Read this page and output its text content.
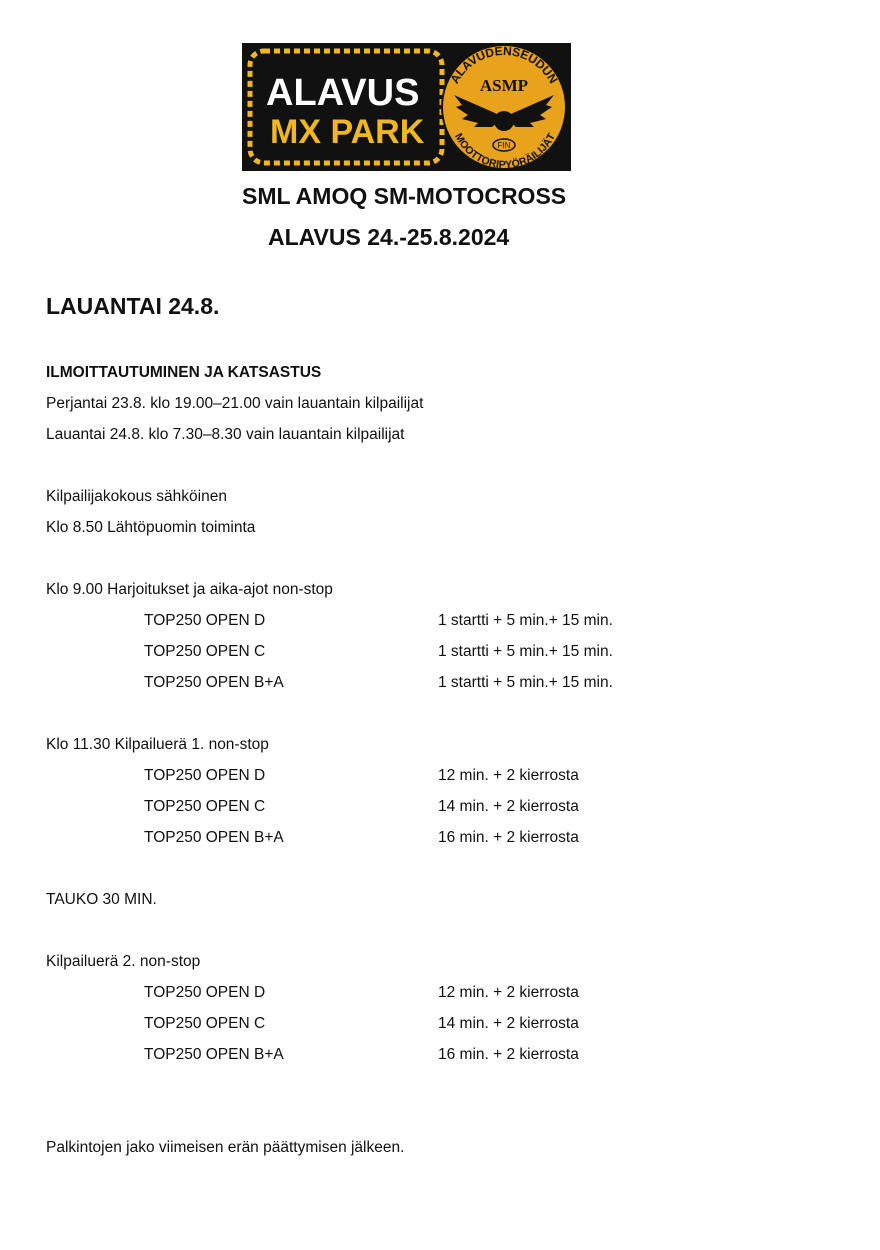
ALAVUS
MX PARK
ALAVUDENSEUDUN
MOOTTORIPYÖRÄILIJÄT
ASMP
FIN
SML AMOQ SM-MOTOCROSS
ALAVUS 24.-25.8.2024
LAUANTAI 24.8.
ILMOITTAUTUMINEN JA KATSASTUS
Perjantai 23.8. klo 19.00–21.00 vain lauantain kilpailijat
Lauantai 24.8. klo 7.30–8.30 vain lauantain kilpailijat
Kilpailijakokous sähköinen
Klo 8.50 Lähtöpuomin toiminta
Klo 9.00 Harjoitukset ja aika-ajot non-stop
TOP250 OPEN D	1 startti + 5 min.+ 15 min.
TOP250 OPEN C	1 startti + 5 min.+ 15 min.
TOP250 OPEN B+A	1 startti + 5 min.+ 15 min.
Klo 11.30 Kilpailuerä 1. non-stop
TOP250 OPEN D	12 min. + 2 kierrosta
TOP250 OPEN C	14 min. + 2 kierrosta
TOP250 OPEN B+A	16 min. + 2 kierrosta
TAUKO 30 MIN.
Kilpailuerä 2. non-stop
TOP250 OPEN D	12 min. + 2 kierrosta
TOP250 OPEN C	14 min. + 2 kierrosta
TOP250 OPEN B+A	16 min. + 2 kierrosta
Palkintojen jako viimeisen erän päättymisen jälkeen.
